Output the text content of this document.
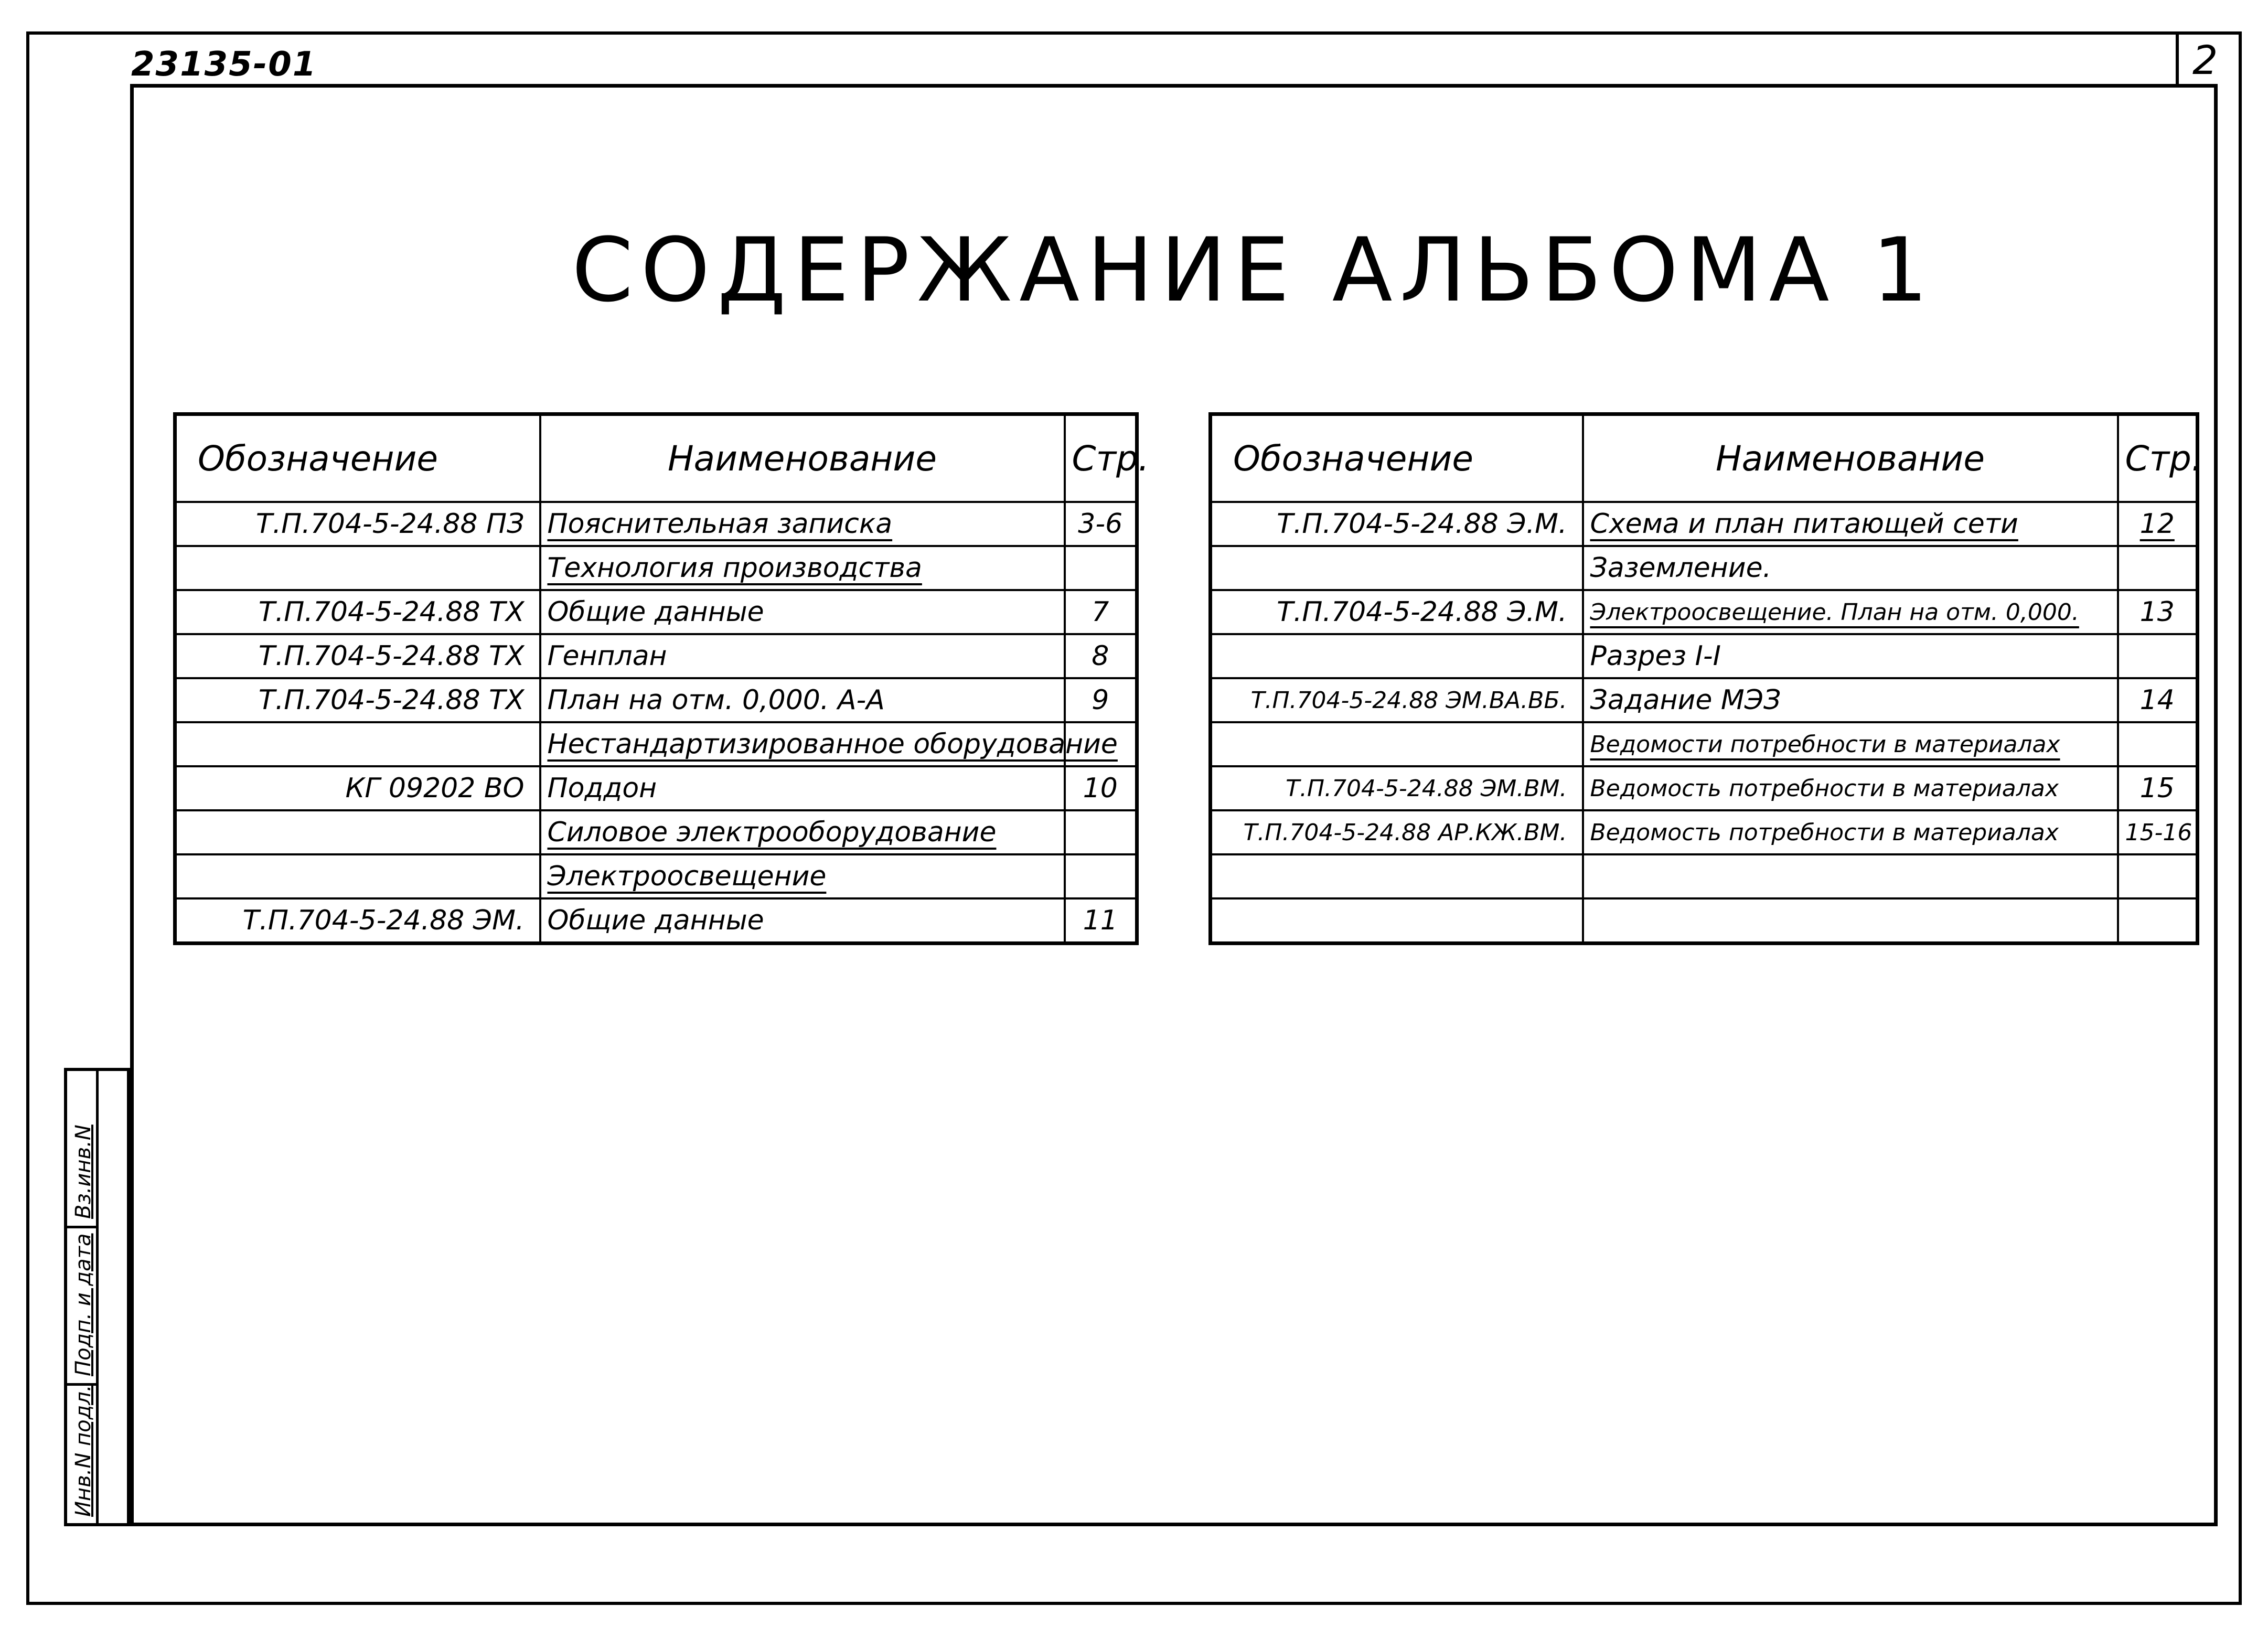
23135-01	2
СОДЕРЖАНИЕ АЛЬБОМА 1
Обозначение	Наименование	Стр.
Т.П.704-5-24.88 ПЗ	Пояснительная записка	3-6
	Технология производства	
Т.П.704-5-24.88 ТХ	Общие данные	7
Т.П.704-5-24.88 ТХ	Генплан	8
Т.П.704-5-24.88 ТХ	План на отм. 0,000. А-А	9
	Нестандартизированное оборудование	
КГ 09202 ВО	Поддон	10
	Силовое электрооборудование	
	Электроосвещение	
Т.П.704-5-24.88 ЭМ.	Общие данные	11
Обозначение	Наименование	Стр.
Т.П.704-5-24.88 Э.М.	Схема и план питающей сети	12
	Заземление.	
Т.П.704-5-24.88 Э.М.	Электроосвещение. План на отм. 0,000.	13
	Разрез I-I	
Т.П.704-5-24.88 ЭМ.ВА.ВБ.	Задание МЭЗ	14
	Ведомости потребности в материалах	
Т.П.704-5-24.88 ЭМ.ВМ.	Ведомость потребности в материалах	15
Т.П.704-5-24.88 АР.КЖ.ВМ.	Ведомость потребности в материалах	15-16

Вз.инв.N
Подп. и дата
Инв.N подл.
